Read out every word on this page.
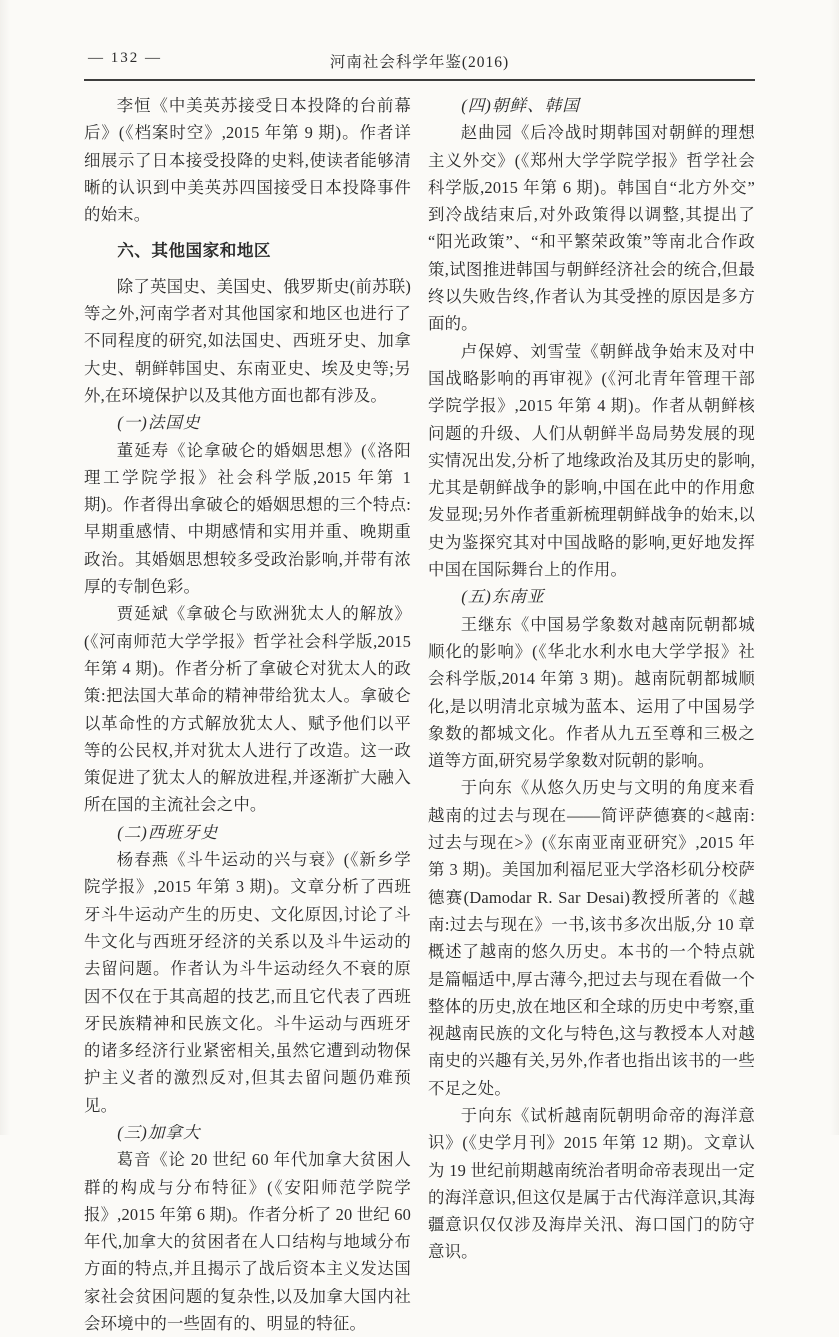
— 132 —	河南社会科学年鉴(2016)

李恒《中美英苏接受日本投降的台前幕后》(《档案时空》,2015 年第 9 期)。作者详细展示了日本接受投降的史料,使读者能够清晰的认识到中美英苏四国接受日本投降事件的始末。

六、其他国家和地区

除了英国史、美国史、俄罗斯史(前苏联)等之外,河南学者对其他国家和地区也进行了不同程度的研究,如法国史、西班牙史、加拿大史、朝鲜韩国史、东南亚史、埃及史等;另外,在环境保护以及其他方面也都有涉及。

(一)法国史

董延寿《论拿破仑的婚姻思想》(《洛阳理工学院学报》社会科学版,2015 年第 1 期)。作者得出拿破仑的婚姻思想的三个特点:早期重感情、中期感情和实用并重、晚期重政治。其婚姻思想较多受政治影响,并带有浓厚的专制色彩。

贾延斌《拿破仑与欧洲犹太人的解放》(《河南师范大学学报》哲学社会科学版,2015 年第 4 期)。作者分析了拿破仑对犹太人的政策:把法国大革命的精神带给犹太人。拿破仑以革命性的方式解放犹太人、赋予他们以平等的公民权,并对犹太人进行了改造。这一政策促进了犹太人的解放进程,并逐渐扩大融入所在国的主流社会之中。

(二)西班牙史

杨春燕《斗牛运动的兴与衰》(《新乡学院学报》,2015 年第 3 期)。文章分析了西班牙斗牛运动产生的历史、文化原因,讨论了斗牛文化与西班牙经济的关系以及斗牛运动的去留问题。作者认为斗牛运动经久不衰的原因不仅在于其高超的技艺,而且它代表了西班牙民族精神和民族文化。斗牛运动与西班牙的诸多经济行业紧密相关,虽然它遭到动物保护主义者的激烈反对,但其去留问题仍难预见。

(三)加拿大

葛音《论 20 世纪 60 年代加拿大贫困人群的构成与分布特征》(《安阳师范学院学报》,2015 年第 6 期)。作者分析了 20 世纪 60 年代,加拿大的贫困者在人口结构与地域分布方面的特点,并且揭示了战后资本主义发达国家社会贫困问题的复杂性,以及加拿大国内社会环境中的一些固有的、明显的特征。

(四)朝鲜、韩国

赵曲园《后冷战时期韩国对朝鲜的理想主义外交》(《郑州大学学院学报》哲学社会科学版,2015 年第 6 期)。韩国自“北方外交”到冷战结束后,对外政策得以调整,其提出了“阳光政策”、“和平繁荣政策”等南北合作政策,试图推进韩国与朝鲜经济社会的统合,但最终以失败告终,作者认为其受挫的原因是多方面的。

卢保婷、刘雪莹《朝鲜战争始末及对中国战略影响的再审视》(《河北青年管理干部学院学报》,2015 年第 4 期)。作者从朝鲜核问题的升级、人们从朝鲜半岛局势发展的现实情况出发,分析了地缘政治及其历史的影响,尤其是朝鲜战争的影响,中国在此中的作用愈发显现;另外作者重新梳理朝鲜战争的始末,以史为鉴探究其对中国战略的影响,更好地发挥中国在国际舞台上的作用。

(五)东南亚

王继东《中国易学象数对越南阮朝都城顺化的影响》(《华北水利水电大学学报》社会科学版,2014 年第 3 期)。越南阮朝都城顺化,是以明清北京城为蓝本、运用了中国易学象数的都城文化。作者从九五至尊和三极之道等方面,研究易学象数对阮朝的影响。

于向东《从悠久历史与文明的角度来看越南的过去与现在——简评萨德赛的<越南:过去与现在>》(《东南亚南亚研究》,2015 年第 3 期)。美国加利福尼亚大学洛杉矶分校萨德赛(Damodar R. Sar Desai)教授所著的《越南:过去与现在》一书,该书多次出版,分 10 章概述了越南的悠久历史。本书的一个特点就是篇幅适中,厚古薄今,把过去与现在看做一个整体的历史,放在地区和全球的历史中考察,重视越南民族的文化与特色,这与教授本人对越南史的兴趣有关,另外,作者也指出该书的一些不足之处。

于向东《试析越南阮朝明命帝的海洋意识》(《史学月刊》2015 年第 12 期)。文章认为 19 世纪前期越南统治者明命帝表现出一定的海洋意识,但这仅是属于古代海洋意识,其海疆意识仅仅涉及海岸关汛、海口国门的防守意识。
